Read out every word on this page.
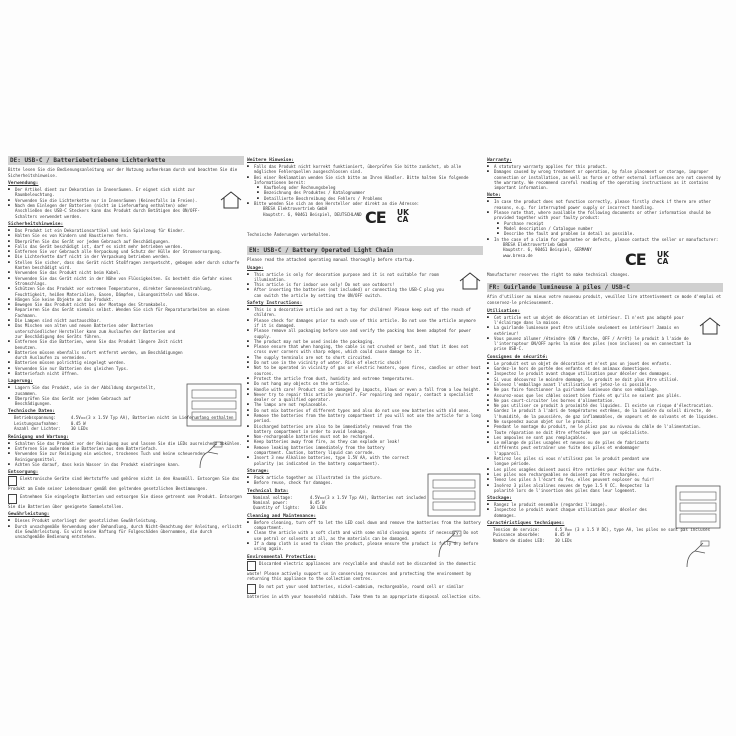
DE: USB-C / Batteriebetriebene Lichterkette
Bitte lesen Sie die Bedienungsanleitung vor der Nutzung aufmerksam durch und beachten Sie die Sicherheitshinweise.
Verwendung:
■ Der Artikel dient zur Dekoration in Innenräumen. Er eignet sich nicht zur Raumbeleuchtung.
■ Verwenden Sie die Lichterkette nur in Innenräumen (Keinesfalls im Freien).
■ Nach dem Einlegen der Batterien (nicht im Lieferumfang enthalten) oder Anschließen des USB-C Steckers kann das Produkt durch Betätigen des ON/OFF-Schalters verwendet werden.
Sicherheitshinweise:
■ Das Produkt ist ein Dekorationsartikel und kein Spielzeug für Kinder.
■ Halten Sie es von Kindern und Haustieren fern.
■ Überprüfen Sie das Gerät vor jedem Gebrauch auf Beschädigungen.
■ Falls das Gerät beschädigt ist, darf es nicht mehr betrieben werden.
■ Entfernen Sie vor Gebrauch alle Verpackung und Schutz der Hülle der Stromversorgung.
■ Die Lichterkette darf nicht in der Verpackung betrieben werden.
■ Stellen Sie sicher, dass das Gerät nicht Stoßfragen zerquetscht, gebogen oder durch scharfe Kanten beschädigt wird.
■ Verwenden Sie das Produkt nicht beim Kabel.
■ Verwenden Sie das Gerät nicht in der Nähe von Flüssigkeiten. Es besteht die Gefahr eines Stromschlags.
■ Schützen Sie das Produkt vor extremen Temperaturen, direkter Sonneneinstrahlung, Feuchtigkeit, heißen Materialien, Gasen, Dämpfen, Lösungsmitteln und Nässe.
■ Hängen Sie keine Objekte an das Produkt.
■ Bewegen Sie das Produkt nicht bei der Montage des Stromkabels.
■ Reparieren Sie das Gerät niemals selbst. Wenden Sie sich für Reparaturarbeiten an einen Fachmann.
■ Die Lampen sind nicht austauschbar.
■ Das Mischen von alten und neuen Batterien oder Batterien unterschiedlicher Hersteller kann zum Auslaufen der Batterien und zur Beschädigung des Geräts führen.
■ Entfernen Sie die Batterien, wenn Sie das Produkt längere Zeit nicht benutzen.
■ Batterien müssen ebenfalls sofort entfernt werden, um Beschädigungen durch Auslaufen zu vermeiden.
■ Batterien müssen polrichtig eingelegt werden.
■ Verwenden Sie nur Batterien des gleichen Typs.
■ Batteriefach nicht öffnen.
Lagerung:
■ Lagern Sie das Produkt, wie in der Abbildung dargestellt, zusammen.
■ Überprüfen Sie das Gerät vor jedem Gebrauch auf Beschädigungen.
Technische Daten:
Betriebsspannung:	4.5V==(3 x 1.5V Typ AA), Batterien nicht im Lieferumfang enthalten
Leistungsaufnahme:	0.45 W
Anzahl der Lichter:	30 LEDs
Reinigung und Wartung:
■ Schalten Sie das Produkt vor der Reinigung aus und lassen Sie die LEDs ausreichend abkühlen.
■ Entfernen Sie außerdem die Batterien aus dem Batteriefach.
■ Verwenden Sie zur Reinigung ein weiches, trockenes Tuch und keine scheuernden Reinigungsmittel.
■ Achten Sie darauf, dass kein Wasser in das Produkt eindringen kann.
Entsorgung:
Elektronische Geräte sind Wertstoffe und gehören nicht in den Hausmüll. Entsorgen Sie das Produkt am Ende seiner Lebensdauer gemäß den geltenden gesetzlichen Bestimmungen.
Entnehmen Sie eingelegte Batterien und entsorgen Sie diese getrennt vom Produkt. Entsorgen Sie die Batterien über geeignete Sammelstellen.
Gewährleistung:
■ Dieses Produkt unterliegt der gesetzlichen Gewährleistung.
■ Durch unsachgemäße Verwendung oder Behandlung, durch Nicht-Beachtung der Anleitung, erlischt die Gewährleistung. Es wird keine Haftung für Folgeschäden übernommen, die durch unsachgemäße Bedienung entstehen.
Weitere Hinweise:
■ Falls das Produkt nicht korrekt funktioniert, überprüfen Sie bitte zunächst, ob alle möglichen Fehlerquellen ausgeschlossen sind.
■ Bei einer Reklamation wenden Sie sich bitte an Ihren Händler. Bitte halten Sie folgende Informationen bereit:
■ Kaufbeleg oder Rechnungsbeleg
■ Bezeichnung des Produktes / Katalognummer
■ Detaillierte Beschreibung des Fehlers / Problems
■ Bitte wenden Sie sich an den Hersteller oder direkt an die Adresse:
BRESA Elektrovertrieb GmbH
Hauptstr. 6, 90461 Beispiel, DEUTSCHLAND CE UK
CA
Technische Änderungen vorbehalten.
EN: USB-C / Battery Operated Light Chain
Please read the attached operating manual thoroughly before startup.
Usage:
■ This article is only for decoration purpose and it is not suitable for room illumination.
■ This article is for indoor use only! Do not use outdoors!
■ After inserting the batteries (not included) or connecting the USB-C plug you can switch the article by setting the ON/OFF switch.
Safety Instructions:
■ This is a decorative article and not a toy for children! Please keep out of the reach of children.
■ Please check for damages prior to each use of this article. Do not use the article anymore if it is damaged.
■ Please remove all packaging before use and verify the packing has been adapted for power supply.
■ The product may not be used inside the packaging.
■ Please ensure that when hanging, the cable is not crushed or bent, and that it does not cross over corners with sharp edges, which could cause damage to it.
■ The supply terminals are not to short circuited.
■ Do not use in the vicinity of water. Risk of electric shock!
■ Not to be operated in vicinity of gas or electric heaters, open fires, candles or other heat sources.
■ Protect the article from dust, humidity and extreme temperatures.
■ Do not hang any objects on the article.
■ Handle with care! Product can be damaged by impacts, blows or even a fall from a low height.
■ Never try to repair this article yourself. For repairing and repair, contact a specialist dealer or a qualified operator.
■ The lamps are not replaceable.
■ Do not mix batteries of different types and also do not use new batteries with old ones.
■ Remove the batteries from the battery compartment if you will not use the article for a long period.
■ Discharged batteries are also to be immediately removed from the battery compartment in order to avoid leakage.
■ Non-rechargeable batteries must not be recharged.
■ Keep batteries away from fire, as they can explode or leak!
■ Remove leaking batteries immediately from the battery compartment. Caution, battery liquid can corrode.
■ Insert 3 new Alkaline batteries, type 1.5V AA, with the correct polarity (as indicated in the battery compartment).
Storage:
■ Pack article together as illustrated in the picture.
■ Before reuse, check for damages.
Technical Data:
Nominal voltage:	4.5V==(3 x 1.5V Typ AA), Batteries not included
Nominal power:	0.45 W
Quantity of lights:	30 LEDs
Cleaning and Maintenance:
■ Before cleaning, turn off to let the LED cool down and remove the batteries from the battery compartment.
■ Clean the article with a soft cloth and with some mild cleaning agents if necessary. Do not use petrol or solvents at all, as the materials can be damaged.
■ If a damp cloth is used to clean the product, please ensure the product is fully dry before using again.
Environmental Protection:
Discarded electric appliances are recyclable and should not be discarded in the domestic waste! Please actively support us in conserving resources and protecting the environment by returning this appliance to the collection centres.
Do not put your used batteries, nickel-cadmium, rechargeable, round cell or similar batteries in with your household rubbish. Take them to an appropriate disposal collection site.
Warranty:
■ A statutory warranty applies for this product.
■ Damages caused by wrong treatment or operation, by false placement or storage, improper connection or installation, as well as force or other external influences are not covered by the warranty. We recommend careful reading of the operating instructions as it contains important information.
Note:
■ In case the product does not function correctly, please firstly check if there are other reasons, e.g. for interrupted power supply or incorrect handling.
■ Please note that, where available the following documents or other information should be provided together with your faulty product:
■ Purchase receipt
■ Model description / Catalogue number
■ Describe the fault and problem in detail as possible.
■ In the case of a claim for guarantee or defects, please contact the seller or manufacturer:
BRESA Elektrovertrieb GmbH
Hauptstr. 6, 90461 Beispiel, GERMANY
www.bresa.de	CE UK
CA
Manufacturer reserves the right to make technical changes.
FR: Guirlande lumineuse à piles / USB-C
Afin d'utiliser au mieux votre nouveau produit, veuillez lire attentivement ce mode d'emploi et conservez-le précieusement.
Utilisation:
■ Cet article est un objet de décoration et intérieur. Il n'est pas adapté pour l'éclairage dans la maison.
■ La guirlande lumineuse peut être utilisée seulement en intérieur! Jamais en extérieur!
■ Vous pouvez allumer /éteindre (ON / Marche, OFF / Arrêt) le produit à l'aide de l'interrupteur ON/OFF après la mise des piles (non incluses) ou en connectant la prise USB-C.
Consignes de sécurité:
■ Le produit est un objet de décoration et n'est pas un jouet des enfants.
■ Gardez-le hors de portée des enfants et des animaux domestiques.
■ Inspectez le produit avant chaque utilisation pour déceler des dommages.
■ Si vous découvrez le moindre dommage, le produit ne doit plus être utilisé.
■ Enlevez l'emballage avant l'utilisation et jetez-le si possible.
■ Ne pas faire fonctionner la guirlande lumineuse dans son emballage.
■ Assurez-vous que les câbles soient bien fixés et qu'ils ne soient pas pliés.
■ Ne pas court-circuiter les bornes d'alimentation.
■ Ne pas utiliser ce produit à proximité des liquides. Il existe un risque d'électrocution.
■ Gardez le produit à l'abri de températures extrêmes, de la lumière du soleil directe, de l'humidité, de la poussière, de gaz inflammables, de vapeurs et de solvants et de liquides.
■ Ne suspendez aucun objet sur le produit.
■ Pendant le montage du produit, ne le pliez pas au niveau du câble de l'alimentation.
■ Toute réparation ne doit être effectuée que par un spécialiste.
■ Les ampoules ne sont pas remplaçables.
■ Le mélange de piles usagées et neuves ou de piles de fabricants différents peut entraîner une fuite des piles et endommager l'appareil.
■ Retirez les piles si vous n'utilisez pas le produit pendant une longue période.
■ Les piles usagées doivent aussi être retirées pour éviter une fuite.
■ Les piles non rechargeables ne doivent pas être rechargées.
■ Tenez les piles à l'écart du feu, elles peuvent exploser ou fuir!
■ Insérez 3 piles alcalines neuves de type 1.5 V CC. Respectez la polarité lors de l'insertion des piles dans leur logement.
Stockage:
■ Rangez le produit ensemble (regardez l'image).
■ Inspectez le produit avant chaque utilisation pour déceler des dommages.
Caractéristiques techniques:
Tension de service:	4.5 V== (3 x 1.5 V DC), type AA, les piles ne sont pas incluses
Puissance absorbée:	0.45 W
Nombre de diodes LED:	30 LEDs
